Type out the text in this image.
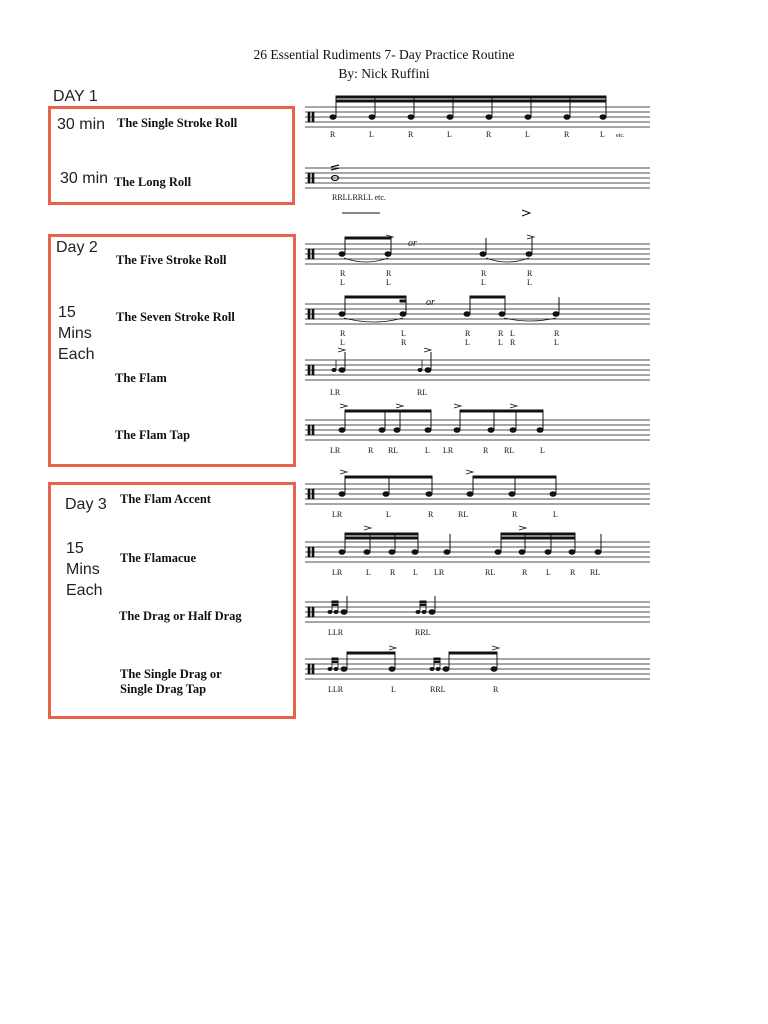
26 Essential Rudiments 7- Day Practice Routine
By: Nick Ruffini
DAY 1
30 min The Single Stroke Roll
30 min The Long Roll
Day 2
15
Mins
Each
The Five Stroke Roll
The Seven Stroke Roll
The Flam
The Flam Tap
Day 3
15
Mins
Each
The Flam Accent
The Flamacue
The Drag or Half Drag
The Single Drag or
Single Drag Tap
R	L	R	L	R	L	R	L etc.
RRLLRRLL etc.
or
R
L
R
L
R
L
R
L
or
R
L
L
R
R
L
R
L
L
R
R
L
LR	RL
LR	R RL	L LR	R RL	L
LR	L	R	RL	R	L
LR	L R L LR	RL	R L R RL
LLR	RRL
LLR	L	RRL	R
